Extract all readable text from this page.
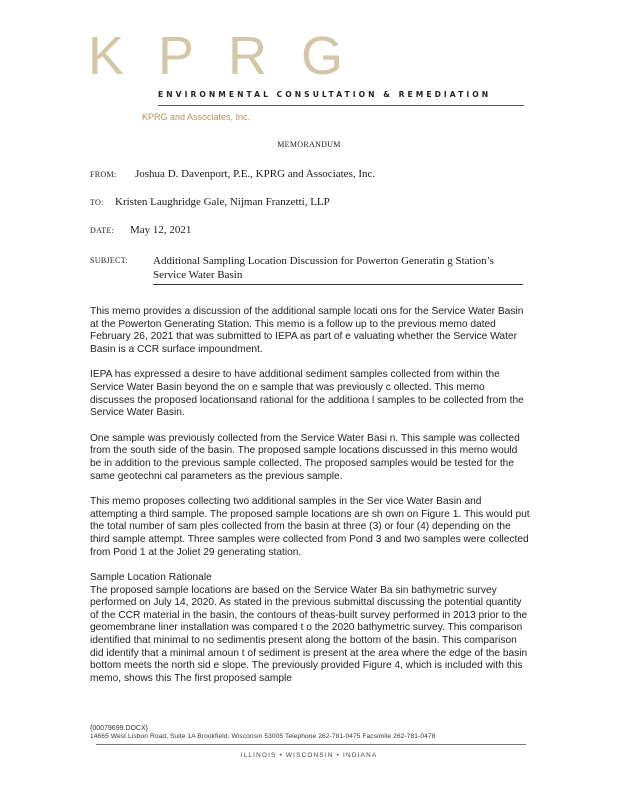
KPRG
ENVIRONMENTAL CONSULTATION & REMEDIATION
KPRG and Associates, Inc.
MEMORANDUM
FROM: Joshua D. Davenport, P.E., KPRG and Associates, Inc.
TO: Kristen Laughridge Gale, Nijman Franzetti, LLP
DATE: May 12, 2021
SUBJECT: Additional Sampling Location Discussion for Powerton Generatin g Station’s
Service Water Basin

This memo provides a discussion of the additional sample locati ons for the Service Water Basin at the Powerton Generating Station. This memo is a follow up to the previous memo dated February 26, 2021 that was submitted to IEPA as part of e valuating whether the Service Water Basin is a CCR surface impoundment.

IEPA has expressed a desire to have additional sediment samples collected from within the Service Water Basin beyond the on e sample that was previously c ollected. This memo discusses the proposed locationsand rational for the additiona l samples to be collected from the Service Water Basin.

One sample was previously collected from the Service Water Basi n. This sample was collected from the south side of the basin. The proposed sample locations discussed in this memo would be in addition to the previous sample collected. The proposed samples would be tested for the same geotechni cal parameters as the previous sample.

This memo proposes collecting two additional samples in the Ser vice Water Basin and attempting a third sample. The proposed sample locations are sh own on Figure 1. This would put the total number of sam ples collected from the basin at three (3) or four (4) depending on the third sample attempt. Three samples were collected from Pond 3 and two samples were collected from Pond 1 at the Joliet 29 generating station.

Sample Location Rationale

The proposed sample locations are based on the Service Water Ba sin bathymetric survey performed on July 14, 2020. As stated in the previous submittal discussing the potential quantity of the CCR material in the basin, the contours of theas-built survey performed in 2013 prior to the geomembrane liner installation was compared t o the 2020 bathymetric survey. This comparison identified that minimal to no sedimentis present along the bottom of the basin. This comparison did identify that a minimal amoun t of sediment is present at the area where the edge of the basin bottom meets the north sid e slope. The previously provided Figure 4, which is included with this memo, shows this The first proposed sample

{00079699.DOCX}
14665 West Lisbon Road, Suite 1A Brookfield, Wisconsin 53005 Telephone 262-781-0475 Facsimile 262-781-0478
ILLINOIS • WISCONSIN • INDIANA
